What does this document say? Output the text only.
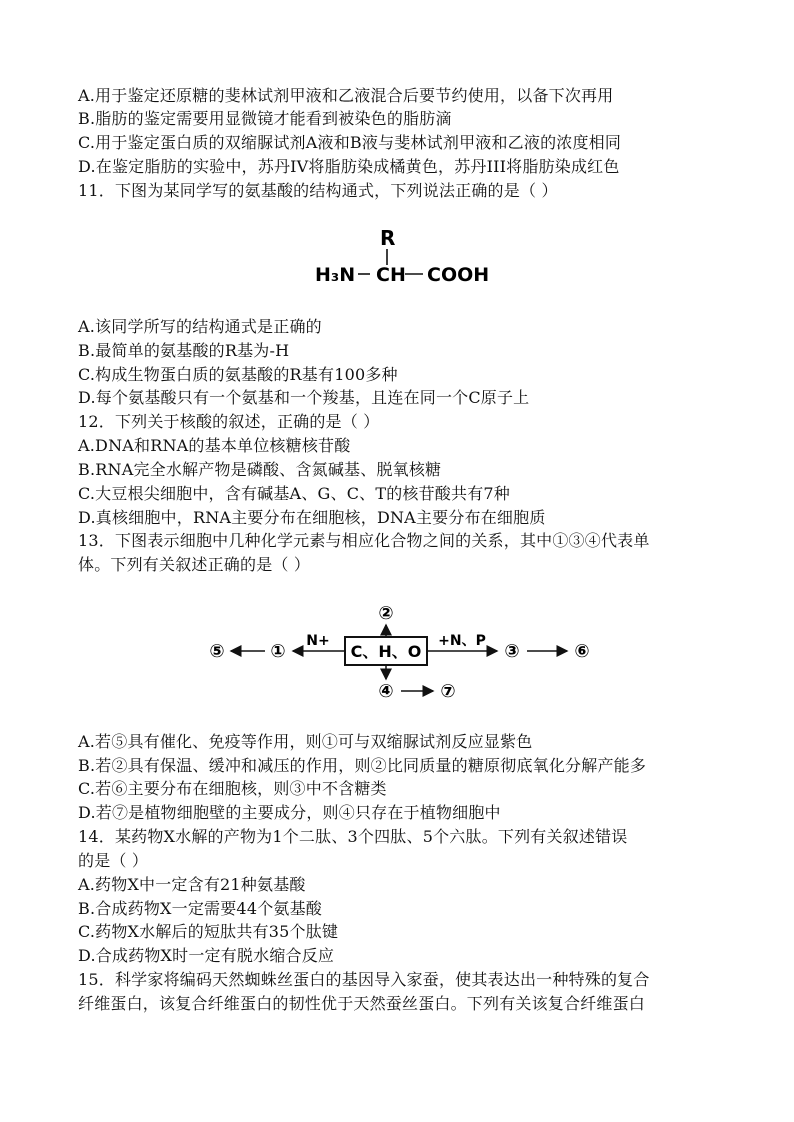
A.用于鉴定还原糖的斐林试剂甲液和乙液混合后要节约使用，以备下次再用
B.脂肪的鉴定需要用显微镜才能看到被染色的脂肪滴
C.用于鉴定蛋白质的双缩脲试剂A液和B液与斐林试剂甲液和乙液的浓度相同
D.在鉴定脂肪的实验中，苏丹IV将脂肪染成橘黄色，苏丹III将脂肪染成红色
11．下图为某同学写的氨基酸的结构通式，下列说法正确的是（ ）
R
H₃N CH COOH
A.该同学所写的结构通式是正确的
B.最简单的氨基酸的R基为-H
C.构成生物蛋白质的氨基酸的R基有100多种
D.每个氨基酸只有一个氨基和一个羧基，且连在同一个C原子上
12．下列关于核酸的叙述，正确的是（ ）
A.DNA和RNA的基本单位核糖核苷酸
B.RNA完全水解产物是磷酸、含氮碱基、脱氧核糖
C.大豆根尖细胞中，含有碱基A、G、C、T的核苷酸共有7种
D.真核细胞中，RNA主要分布在细胞核，DNA主要分布在细胞质
13．下图表示细胞中几种化学元素与相应化合物之间的关系，其中①③④代表单
体。下列有关叙述正确的是（ ）
C、H、O
②
N+
①
⑤	+N、P ③	⑥
④	⑦
A.若⑤具有催化、免疫等作用，则①可与双缩脲试剂反应显紫色
B.若②具有保温、缓冲和减压的作用，则②比同质量的糖原彻底氧化分解产能多
C.若⑥主要分布在细胞核，则③中不含糖类
D.若⑦是植物细胞壁的主要成分，则④只存在于植物细胞中
14．某药物X水解的产物为1个二肽、3个四肽、5个六肽。下列有关叙述错误
的是（ ）
A.药物X中一定含有21种氨基酸
B.合成药物X一定需要44个氨基酸
C.药物X水解后的短肽共有35个肽键
D.合成药物X时一定有脱水缩合反应
15．科学家将编码天然蜘蛛丝蛋白的基因导入家蚕，使其表达出一种特殊的复合
纤维蛋白，该复合纤维蛋白的韧性优于天然蚕丝蛋白。下列有关该复合纤维蛋白
